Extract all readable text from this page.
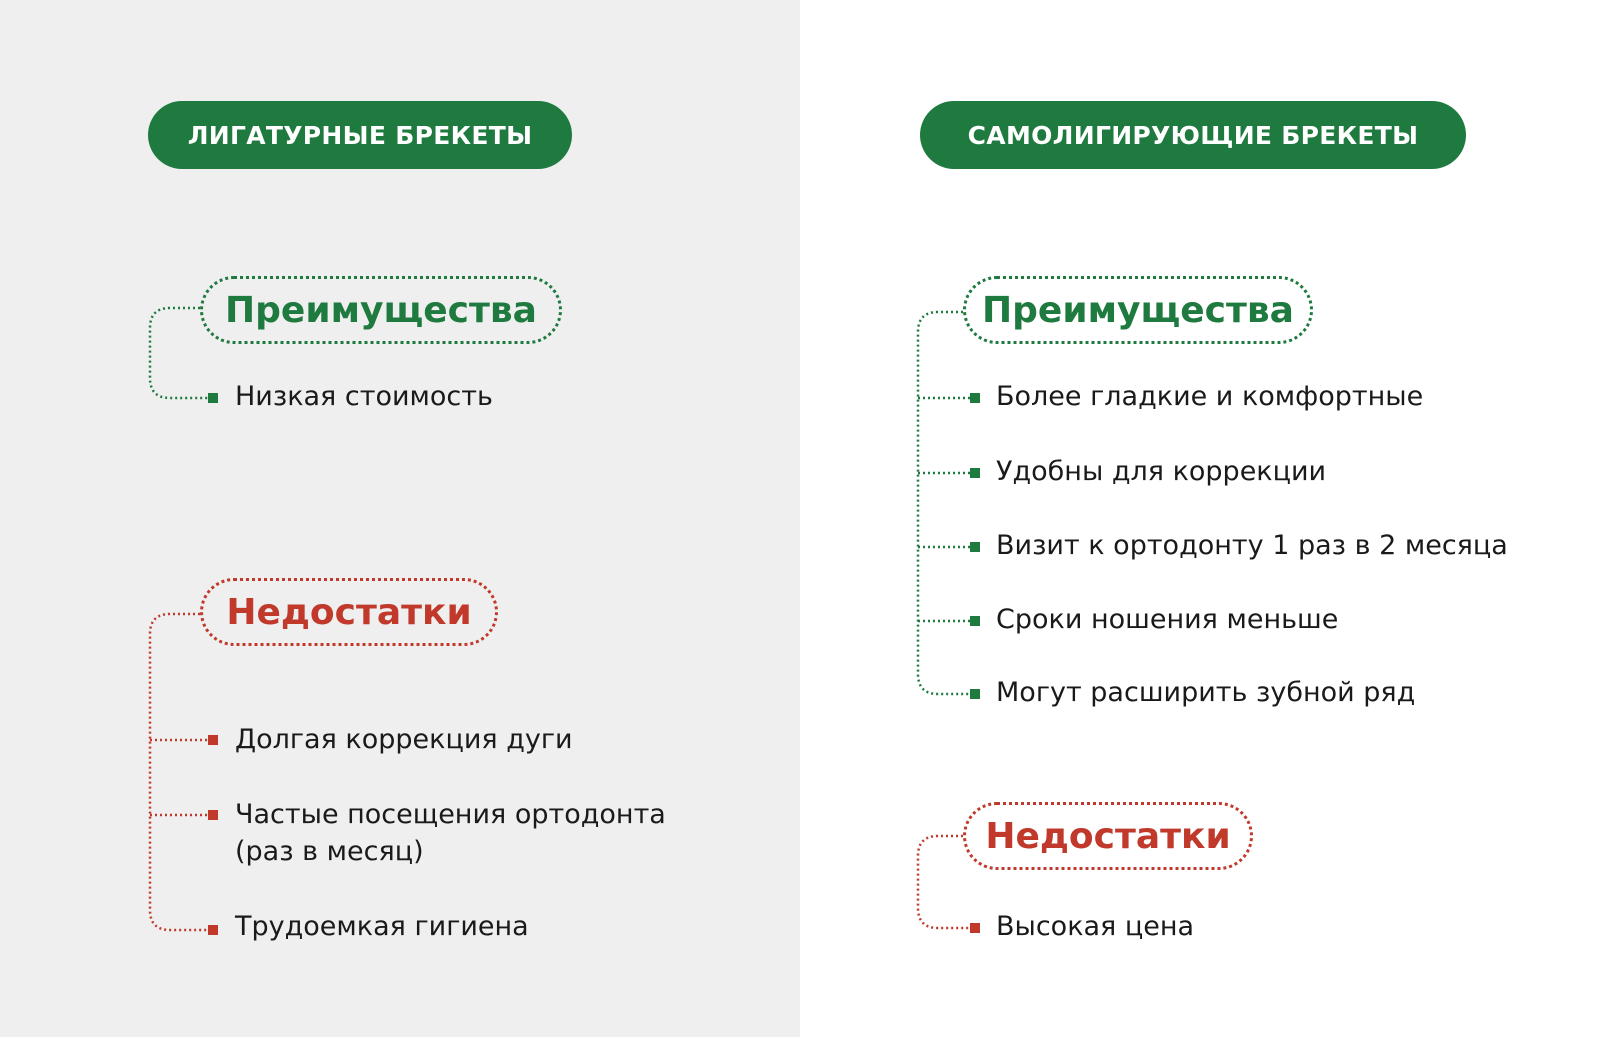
ЛИГАТУРНЫЕ БРЕКЕТЫ
Преимущества
Низкая стоимость
Недостатки
Долгая коррекция дуги
Частые посещения ортодонта
(раз в месяц)
Трудоемкая гигиена
САМОЛИГИРУЮЩИЕ БРЕКЕТЫ
Преимущества
Более гладкие и комфортные
Удобны для коррекции
Визит к ортодонту 1 раз в 2 месяца
Сроки ношения меньше
Могут расширить зубной ряд
Недостатки
Высокая цена
